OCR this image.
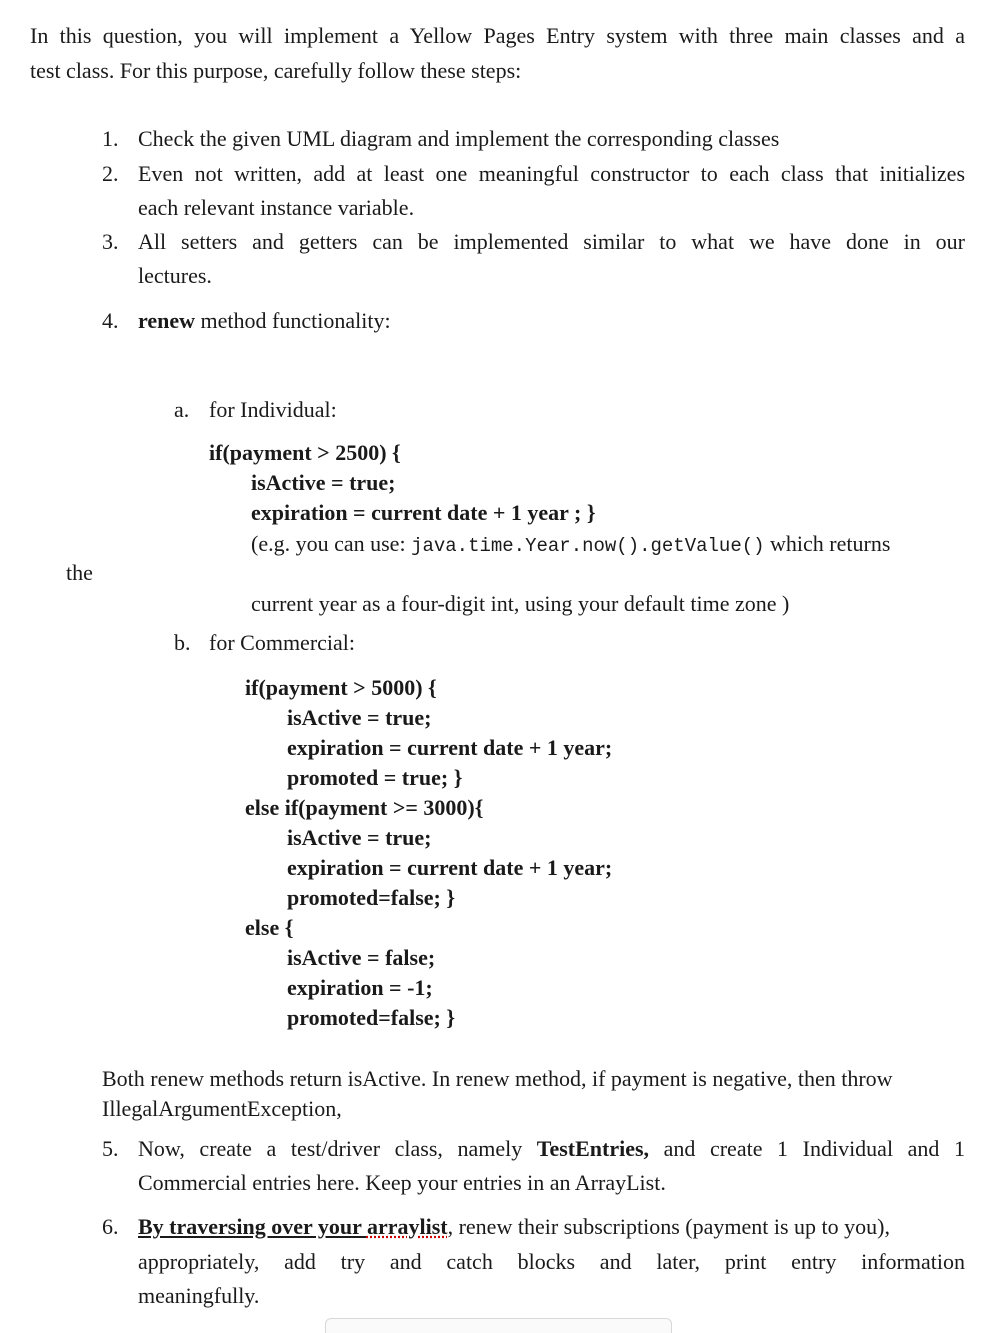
In this question, you will implement a Yellow Pages Entry system with three main classes and a
test class. For this purpose, carefully follow these steps:
1. Check the given UML diagram and implement the corresponding classes
2. Even not written, add at least one meaningful constructor to each class that initializes
each relevant instance variable.
3. All setters and getters can be implemented similar to what we have done in our
lectures.
4. renew method functionality:
a. for Individual:
if(payment > 2500) {
isActive = true;
expiration = current date + 1 year ; }
(e.g. you can use: java.time.Year.now().getValue() which returns
the
current year as a four-digit int, using your default time zone )
b. for Commercial:
if(payment > 5000) {
isActive = true;
expiration = current date + 1 year;
promoted = true; }
else if(payment >= 3000){
isActive = true;
expiration = current date + 1 year;
promoted=false; }
else {
isActive = false;
expiration = -1;
promoted=false; }
Both renew methods return isActive. In renew method, if payment is negative, then throw
IllegalArgumentException,
5. Now, create a test/driver class, namely TestEntries, and create 1 Individual and 1
Commercial entries here. Keep your entries in an ArrayList.
6. By traversing over your arraylist, renew their subscriptions (payment is up to you),
appropriately, add try and catch blocks and later, print entry information
meaningfully.
